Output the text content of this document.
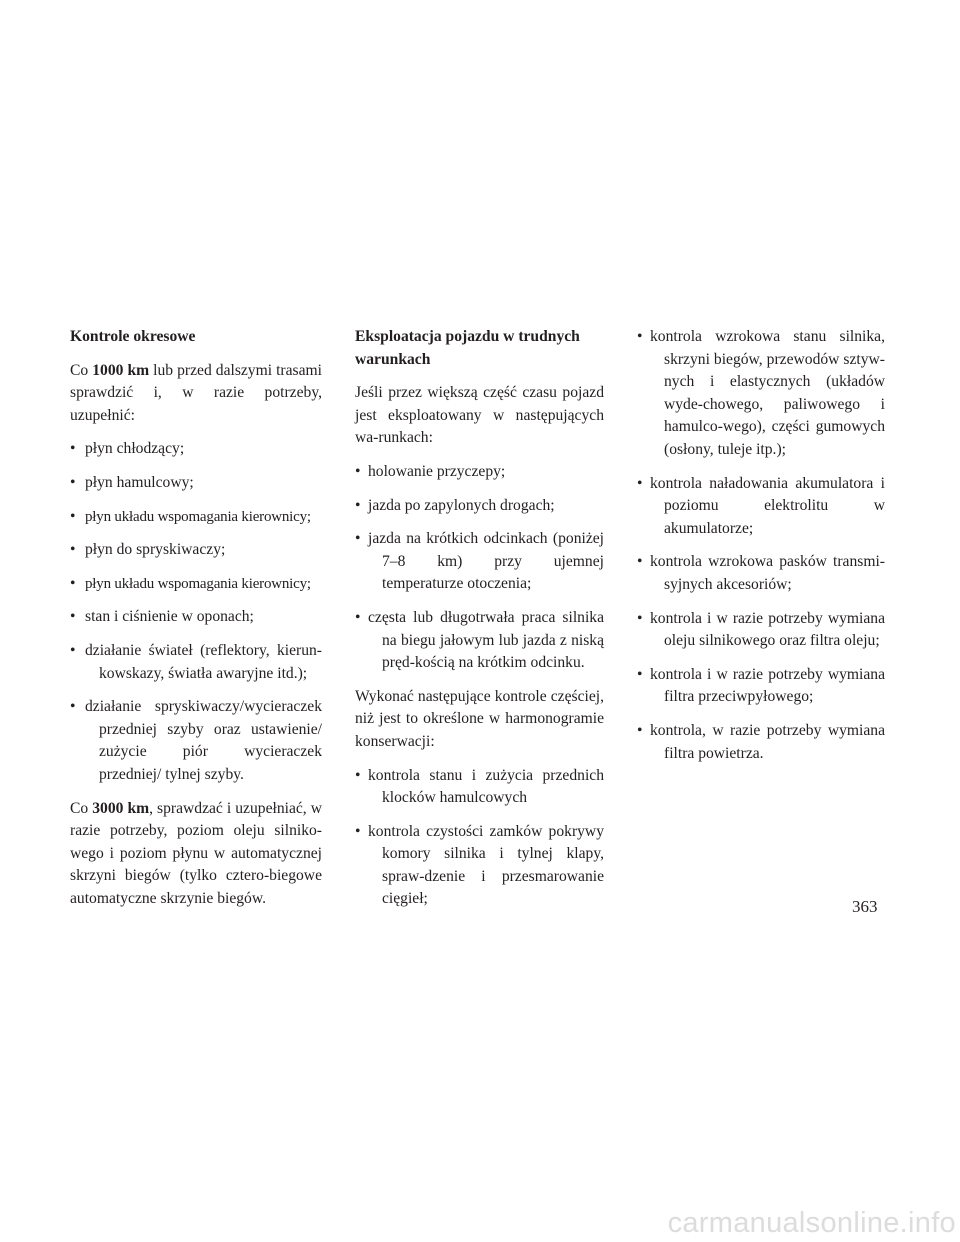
Kontrole okresowe

Co 1000 km lub przed dalszymi trasami sprawdzić i, w razie potrzeby, uzupełnić:

• płyn chłodzący;
• płyn hamulcowy;
• płyn układu wspomagania kierownicy;
• płyn do spryskiwaczy;
• płyn układu wspomagania kierownicy;
• stan i ciśnienie w oponach;
• działanie świateł (reflektory, kierun-kowskazy, światła awaryjne itd.);
• działanie spryskiwaczy/wycieraczek przedniej szyby oraz ustawienie/ zużycie piór wycieraczek przedniej/ tylnej szyby.

Co 3000 km, sprawdzać i uzupełniać, w razie potrzeby, poziom oleju silniko-wego i poziom płynu w automatycznej skrzyni biegów (tylko cztero-biegowe automatyczne skrzynie biegów.

Eksploatacja pojazdu w trudnych warunkach

Jeśli przez większą część czasu pojazd jest eksploatowany w następujących wa-runkach:

• holowanie przyczepy;
• jazda po zapylonych drogach;
• jazda na krótkich odcinkach (poniżej 7–8 km) przy ujemnej temperaturze otoczenia;
• częsta lub długotrwała praca silnika na biegu jałowym lub jazda z niską pręd-kością na krótkim odcinku.

Wykonać następujące kontrole częściej, niż jest to określone w harmonogramie konserwacji:

• kontrola stanu i zużycia przednich klocków hamulcowych
• kontrola czystości zamków pokrywy komory silnika i tylnej klapy, spraw-dzenie i przesmarowanie cięgieł;
• kontrola wzrokowa stanu silnika, skrzyni biegów, przewodów sztyw-nych i elastycznych (układów wyde-chowego, paliwowego i hamulco-wego), części gumowych (osłony, tuleje itp.);
• kontrola naładowania akumulatora i poziomu elektrolitu w akumulatorze;
• kontrola wzrokowa pasków transmi-syjnych akcesoriów;
• kontrola i w razie potrzeby wymiana oleju silnikowego oraz filtra oleju;
• kontrola i w razie potrzeby wymiana filtra przeciwpyłowego;
• kontrola, w razie potrzeby wymiana filtra powietrza.
363
carmanualsonline.info
